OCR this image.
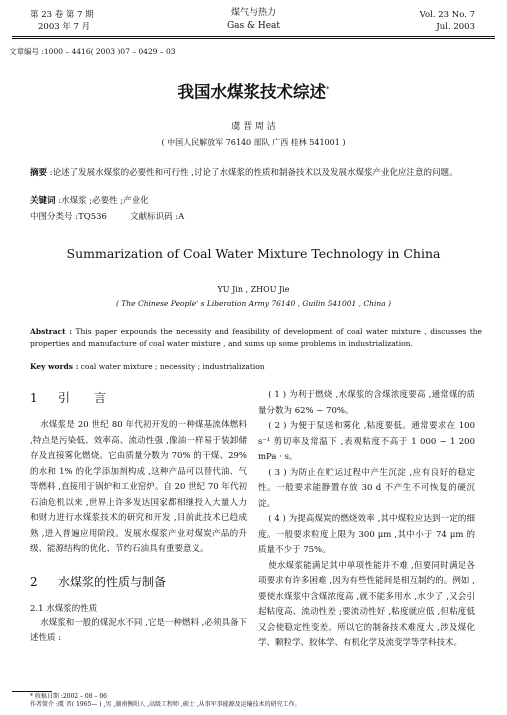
第 23 卷 第 7 期
2003 年 7 月
煤气与热力
Gas & Heat
Vol. 23 No. 7
Jul. 2003
文章编号 :1000 – 4416( 2003 )07 – 0429 – 03
我国水煤浆技术综述*
虞 晋 周 洁
( 中国人民解放军 76140 部队 广西 桂林 541001 )
摘要 :论述了发展水煤浆的必要性和可行性 ,讨论了水煤浆的性质和制备技术以及发展水煤浆产业化应注意的问题。
关键词 :水煤浆 ;必要性 ;产业化
中图分类号 :TQ536	文献标识码 :A
Summarization of Coal Water Mixture Technology in China
YU Jin , ZHOU Jie
( The Chinese People' s Liberation Army 76140 , Guilin 541001 , China )
Abstract : This paper expounds the necessity and feasibility of development of coal water mixture , discusses the properties and manufacture of coal water mixture , and sums up some problems in industrialization.
Key words : coal water mixture ; necessity ; industrialization
1 引言

水煤浆是 20 世纪 80 年代初开发的一种煤基流体燃料 ,特点是污染低、效率高、流动性强 ,像油一样易于装卸储存及直接雾化燃烧。它由质量分数为 70% 的干煤、29% 的水和 1% 的化学添加剂构成 ,这种产品可以替代油、气等燃料 ,直接用于锅炉和工业窑炉。自 20 世纪 70 年代初石油危机以来 ,世界上许多发达国家都相继投入大量人力和财力进行水煤浆技术的研究和开发 ,目前此技术已趋成熟 ,进入普遍应用阶段。发展水煤浆产业对煤炭产品的升级、能源结构的优化、节约石油具有重要意义。

2 水煤浆的性质与制备
2.1 水煤浆的性质

水煤浆和一般的煤泥水不同 ,它是一种燃料 ,必须具备下述性质 :

( 1 ) 为利于燃烧 ,水煤浆的含煤浓度要高 ,通常煤的质量分数为 62% ~ 70%。

( 2 ) 为便于泵送和雾化 ,粘度要低。通常要求在 100 s⁻¹ 剪切率及常温下 ,表观粘度不高于 1 000 ~ 1 200 mPa · s。

( 3 ) 为防止在贮运过程中产生沉淀 ,应有良好的稳定性。一般要求能静置存放 30 d 不产生不可恢复的硬沉淀。

( 4 ) 为提高煤炭的燃烧效率 ,其中煤粒应达到一定的细度。一般要求粒度上限为 300 μm ,其中小于 74 μm 的质量不少于 75%。

使水煤浆能满足其中单项性能并不难 ,但要同时满足各项要求有许多困难 ,因为有些性能间是相互制约的。例如 ,要使水煤浆中含煤浓度高 ,就不能多用水 ,水少了 ,又会引起粘度高、流动性差 ;要流动性好 ,粘度就应低 ,但粘度低又会使稳定性变差。所以它的制备技术难度大 ,涉及煤化学、颗粒学、胶体学、有机化学及流变学等学科技术。

* 收稿日期 :2002 – 08 – 06
作者简介 :虞 晋( 1965— ) ,男 ,湖南衡阳人 ,高级工程师 ,硕士 ,从事军事能源及运输技术的研究工作。
